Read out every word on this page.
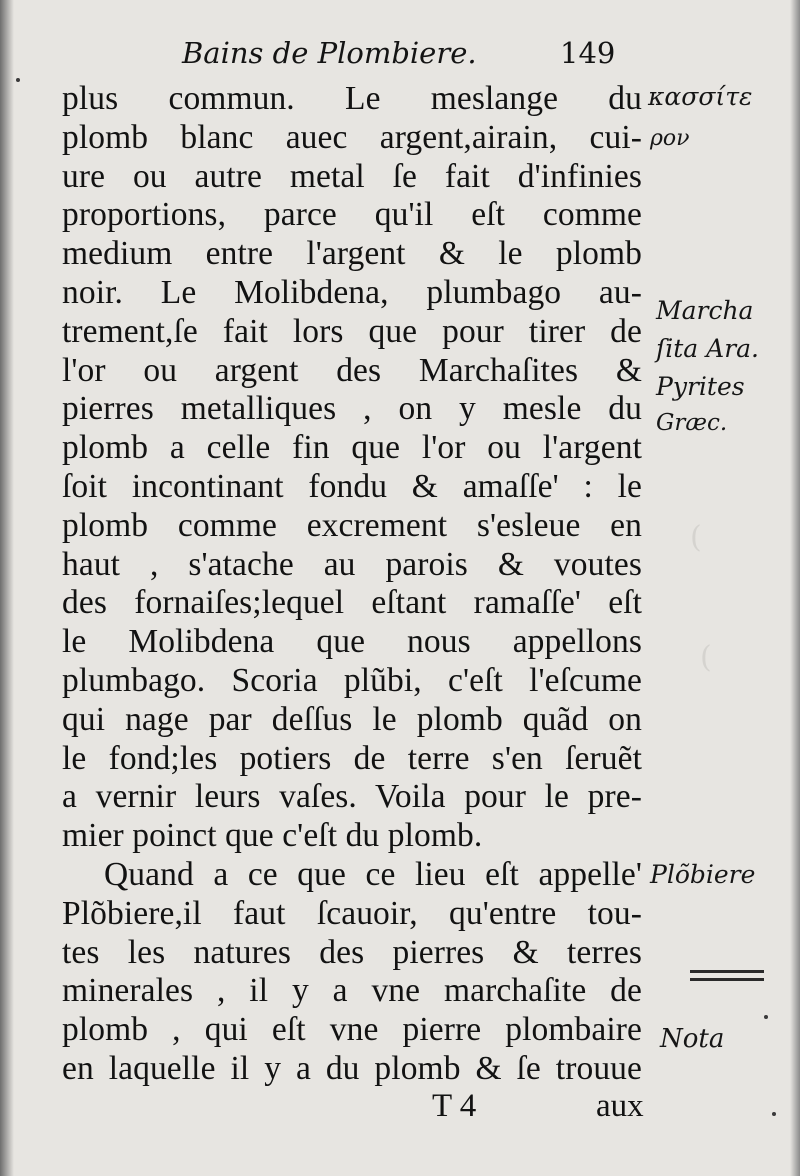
(
(
Bains de Plombiere.	149
plus commun. Le meslange du
plomb blanc auec argent,airain, cui-
ure ou autre metal ſe fait d'infinies
proportions, parce qu'il eſt comme
medium entre l'argent & le plomb
noir. Le Molibdena, plumbago au-
trement,ſe fait lors que pour tirer de
l'or ou argent des Marchaſites &
pierres metalliques , on y mesle du
plomb a celle fin que l'or ou l'argent
ſoit incontinant fondu & amaſſe' : le
plomb comme excrement s'esleue en
haut , s'atache au parois & voutes
des fornaiſes;lequel eſtant ramaſſe' eſt
le Molibdena que nous appellons
plumbago. Scoria plũbi, c'eſt l'eſcume
qui nage par deſſus le plomb quãd on
le fond;les potiers de terre s'en ſeruẽt
a vernir leurs vaſes. Voila pour le pre-
mier poinct que c'eſt du plomb.
Quand a ce que ce lieu eſt appelle'
Plõbiere,il faut ſcauoir, qu'entre tou-
tes les natures des pierres & terres
minerales , il y a vne marchaſite de
plomb , qui eſt vne pierre plombaire
en laquelle il y a du plomb & ſe trouue
κασσίτε
ρον
Marcha
ſita Ara.
Pyrites
Græc.
Plõbiere
Nota
T 4	aux
